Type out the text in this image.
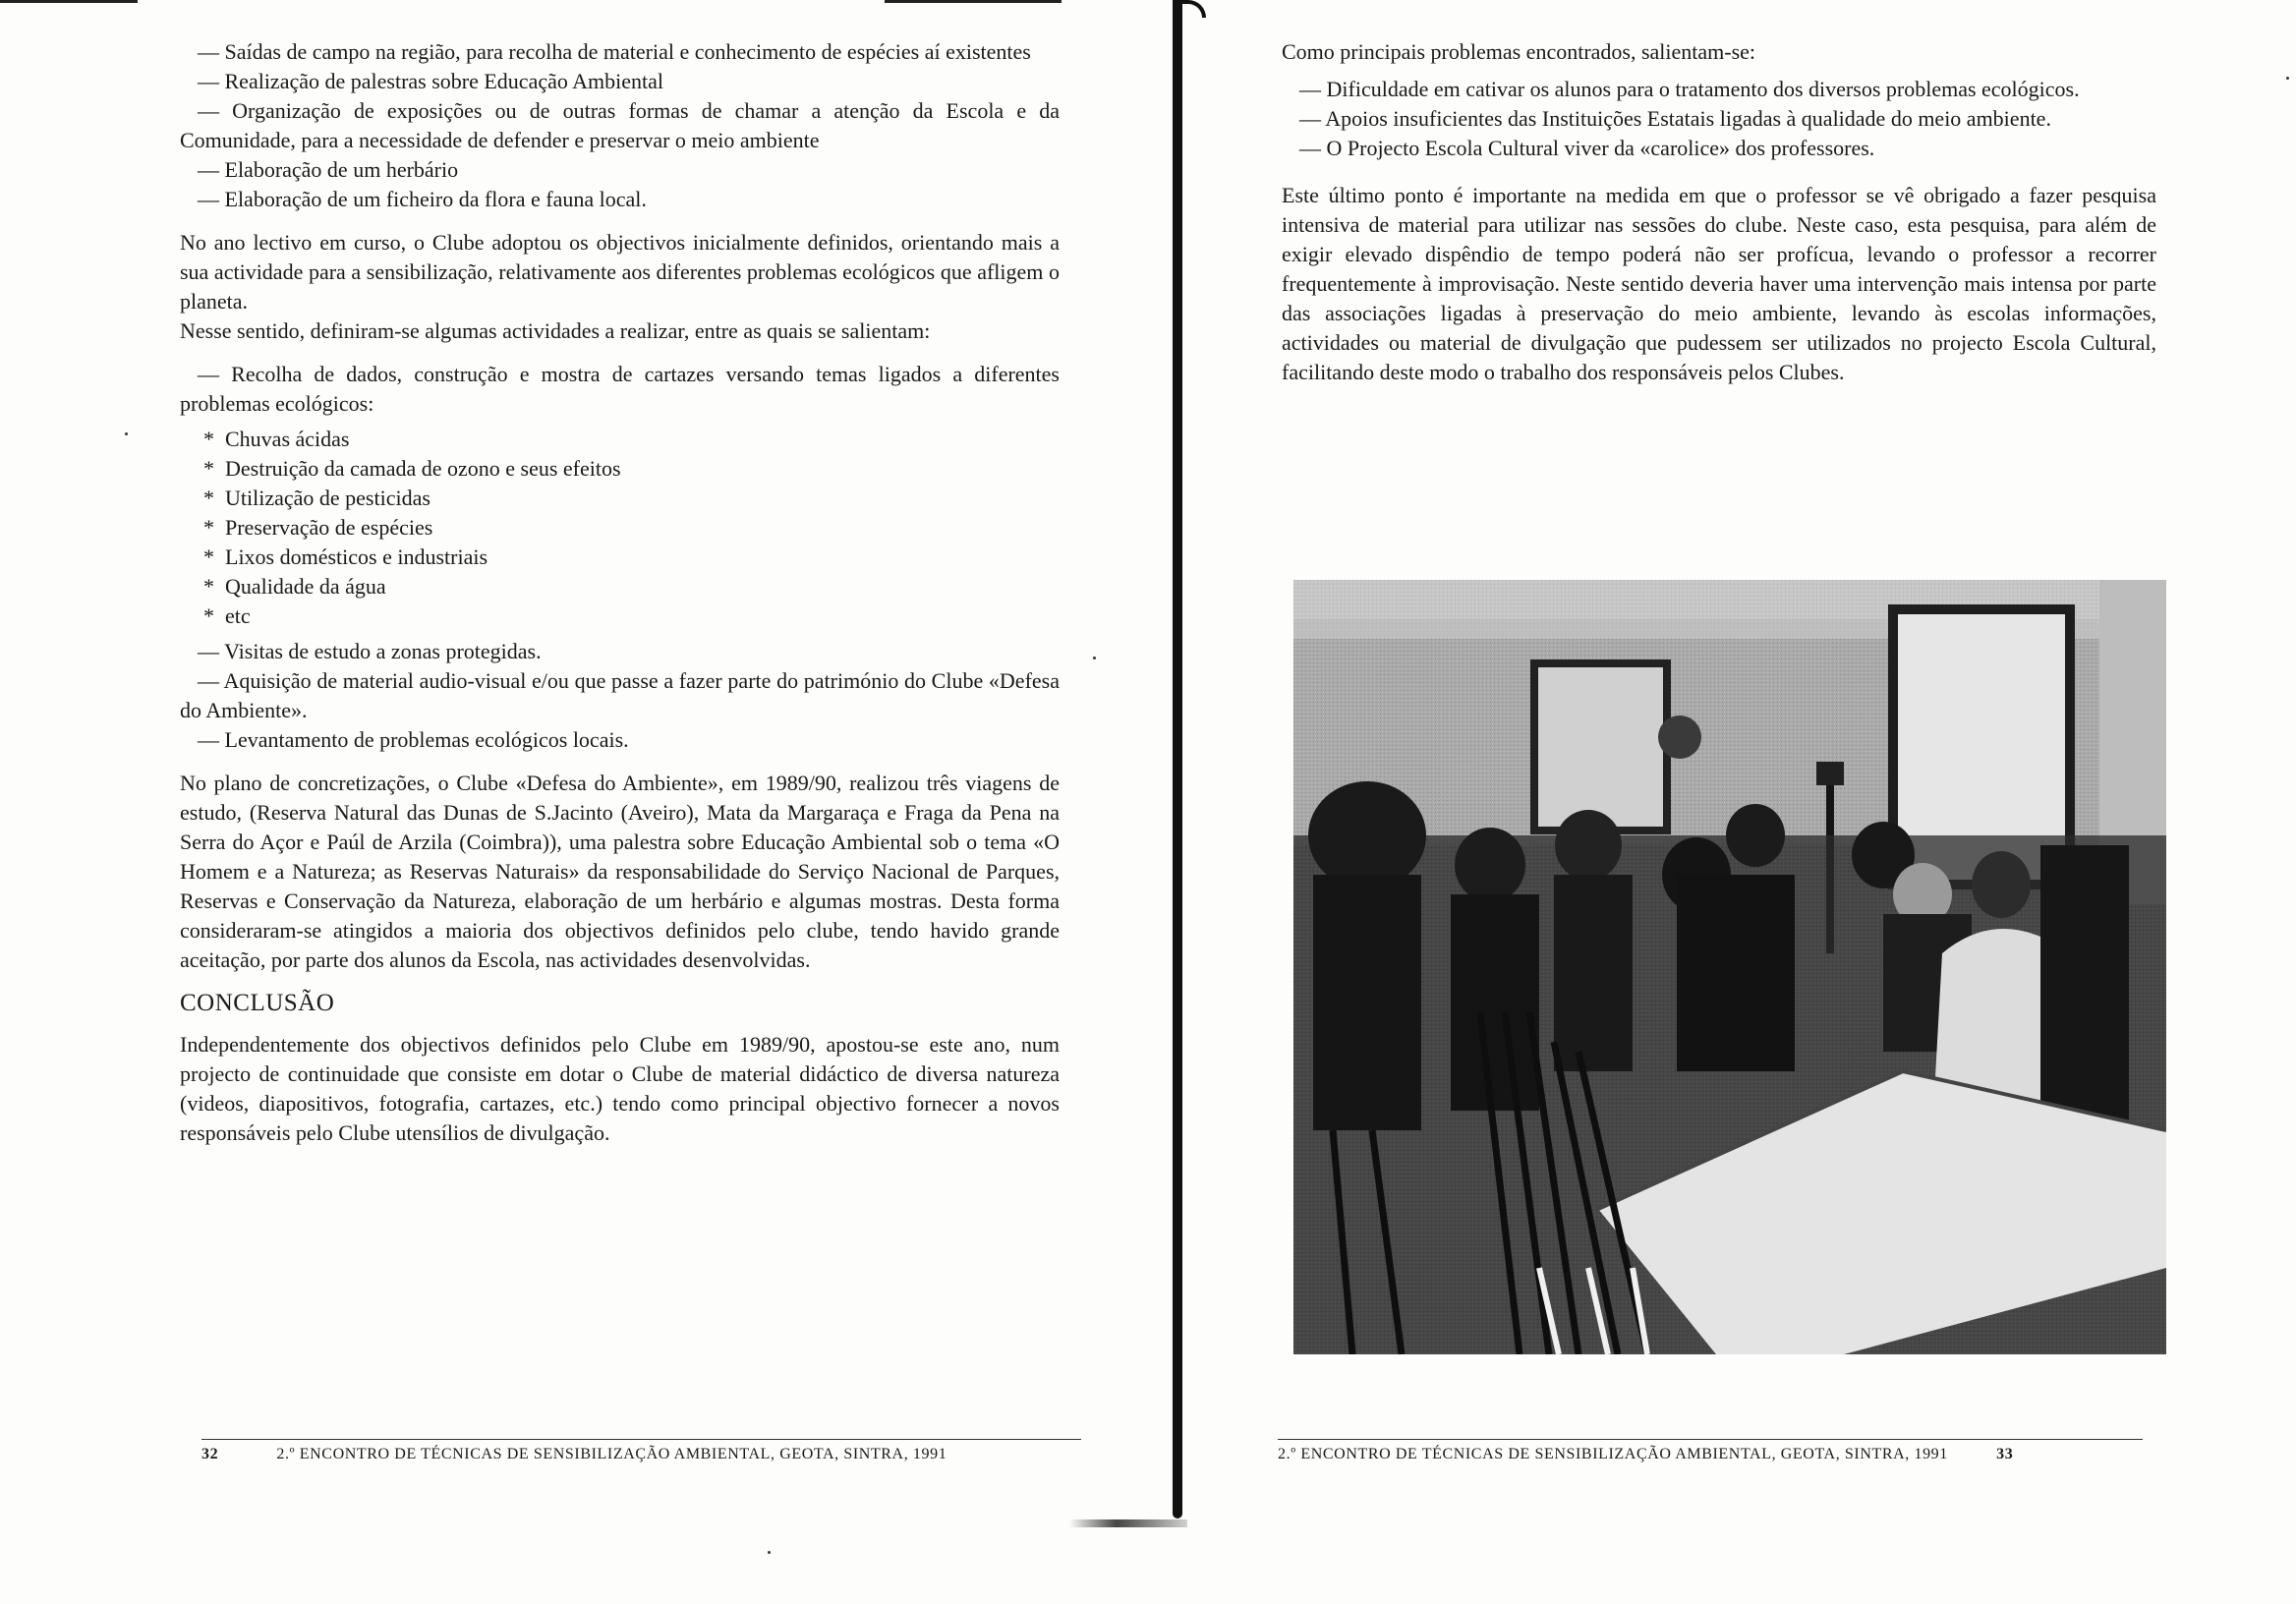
— Saídas de campo na região, para recolha de material e conhecimento de espécies aí existentes

— Realização de palestras sobre Educação Ambiental

— Organização de exposições ou de outras formas de chamar a atenção da Escola e da Comunidade, para a necessidade de defender e preservar o meio ambiente

— Elaboração de um herbário

— Elaboração de um ficheiro da flora e fauna local.

No ano lectivo em curso, o Clube adoptou os objectivos inicialmente definidos, orientando mais a sua actividade para a sensibilização, relativamente aos diferentes problemas ecológicos que afligem o planeta.

Nesse sentido, definiram-se algumas actividades a realizar, entre as quais se salientam:

— Recolha de dados, construção e mostra de cartazes versando temas ligados a diferentes problemas ecológicos:

* Chuvas ácidas
* Destruição da camada de ozono e seus efeitos
* Utilização de pesticidas
* Preservação de espécies
* Lixos domésticos e industriais
* Qualidade da água
* etc

— Visitas de estudo a zonas protegidas.

— Aquisição de material audio-visual e/ou que passe a fazer parte do património do Clube «Defesa do Ambiente».

— Levantamento de problemas ecológicos locais.

No plano de concretizações, o Clube «Defesa do Ambiente», em 1989/90, realizou três viagens de estudo, (Reserva Natural das Dunas de S.Jacinto (Aveiro), Mata da Margaraça e Fraga da Pena na Serra do Açor e Paúl de Arzila (Coimbra)), uma palestra sobre Educação Ambiental sob o tema «O Homem e a Natureza; as Reservas Naturais» da responsabilidade do Serviço Nacional de Parques, Reservas e Conservação da Natureza, elaboração de um herbário e algumas mostras. Desta forma consideraram-se atingidos a maioria dos objectivos definidos pelo clube, tendo havido grande aceitação, por parte dos alunos da Escola, nas actividades desenvolvidas.

CONCLUSÃO

Independentemente dos objectivos definidos pelo Clube em 1989/90, apostou-se este ano, num projecto de continuidade que consiste em dotar o Clube de material didáctico de diversa natureza (videos, diapositivos, fotografia, cartazes, etc.) tendo como principal objectivo fornecer a novos responsáveis pelo Clube utensílios de divulgação.

32	2.º ENCONTRO DE TÉCNICAS DE SENSIBILIZAÇÃO AMBIENTAL, GEOTA, SINTRA, 1991

Como principais problemas encontrados, salientam-se:

— Dificuldade em cativar os alunos para o tratamento dos diversos problemas ecológicos.

— Apoios insuficientes das Instituições Estatais ligadas à qualidade do meio ambiente.

— O Projecto Escola Cultural viver da «carolice» dos professores.

Este último ponto é importante na medida em que o professor se vê obrigado a fazer pesquisa intensiva de material para utilizar nas sessões do clube. Neste caso, esta pesquisa, para além de exigir elevado dispêndio de tempo poderá não ser profícua, levando o professor a recorrer frequentemente à improvisação. Neste sentido deveria haver uma intervenção mais intensa por parte das associações ligadas à preservação do meio ambiente, levando às escolas informações, actividades ou material de divulgação que pudessem ser utilizados no projecto Escola Cultural, facilitando deste modo o trabalho dos responsáveis pelos Clubes.

2.º ENCONTRO DE TÉCNICAS DE SENSIBILIZAÇÃO AMBIENTAL, GEOTA, SINTRA, 1991	33
